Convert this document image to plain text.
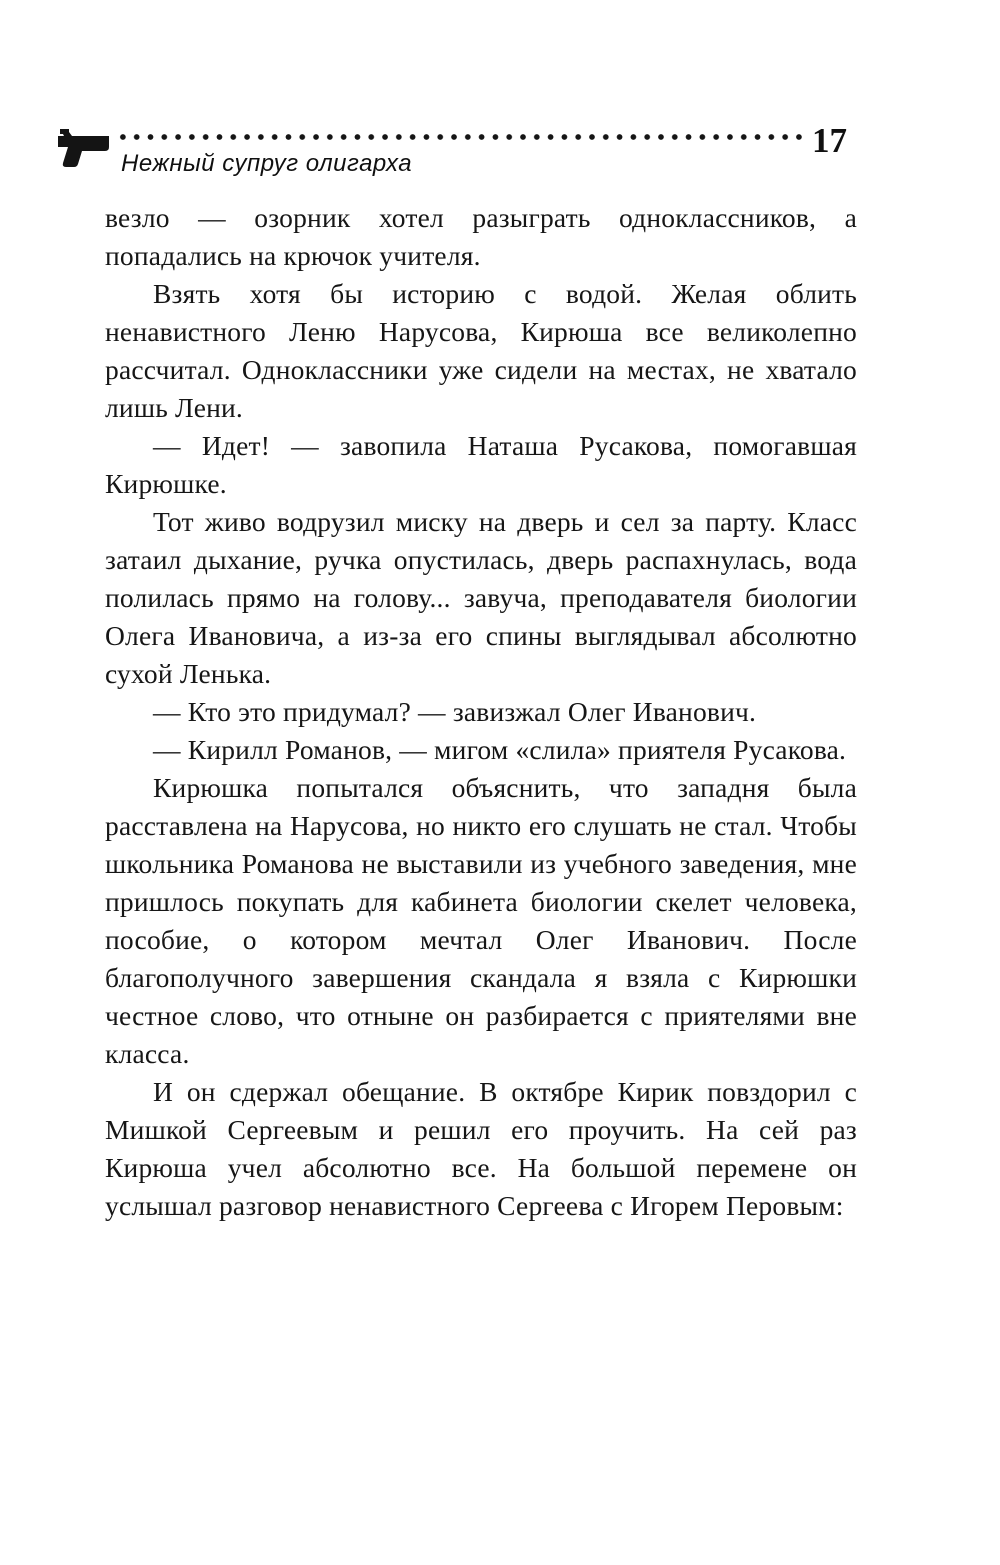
Нежный супруг олигарха
17

везло — озорник хотел разыграть одноклассников, а попадались на крючок учителя.

Взять хотя бы историю с водой. Желая облить ненавистного Леню Нарусова, Кирюша все великолепно рассчитал. Одноклассники уже сидели на местах, не хватало лишь Лени.

— Идет! — завопила Наташа Русакова, помогавшая Кирюшке.

Тот живо водрузил миску на дверь и сел за парту. Класс затаил дыхание, ручка опустилась, дверь распахнулась, вода полилась прямо на голову... завуча, преподавателя биологии Олега Ивановича, а из-за его спины выглядывал абсолютно сухой Ленька.

— Кто это придумал? — завизжал Олег Иванович.

— Кирилл Романов, — мигом «слила» приятеля Русакова.

Кирюшка попытался объяснить, что западня была расставлена на Нарусова, но никто его слушать не стал. Чтобы школьника Романова не выставили из учебного заведения, мне пришлось покупать для кабинета биологии скелет человека, пособие, о котором мечтал Олег Иванович. После благополучного завершения скандала я взяла с Кирюшки честное слово, что отныне он разбирается с приятелями вне класса.

И он сдержал обещание. В октябре Кирик повздорил с Мишкой Сергеевым и решил его проучить. На сей раз Кирюша учел абсолютно все. На большой перемене он услышал разговор ненавистного Сергеева с Игорем Перовым:
